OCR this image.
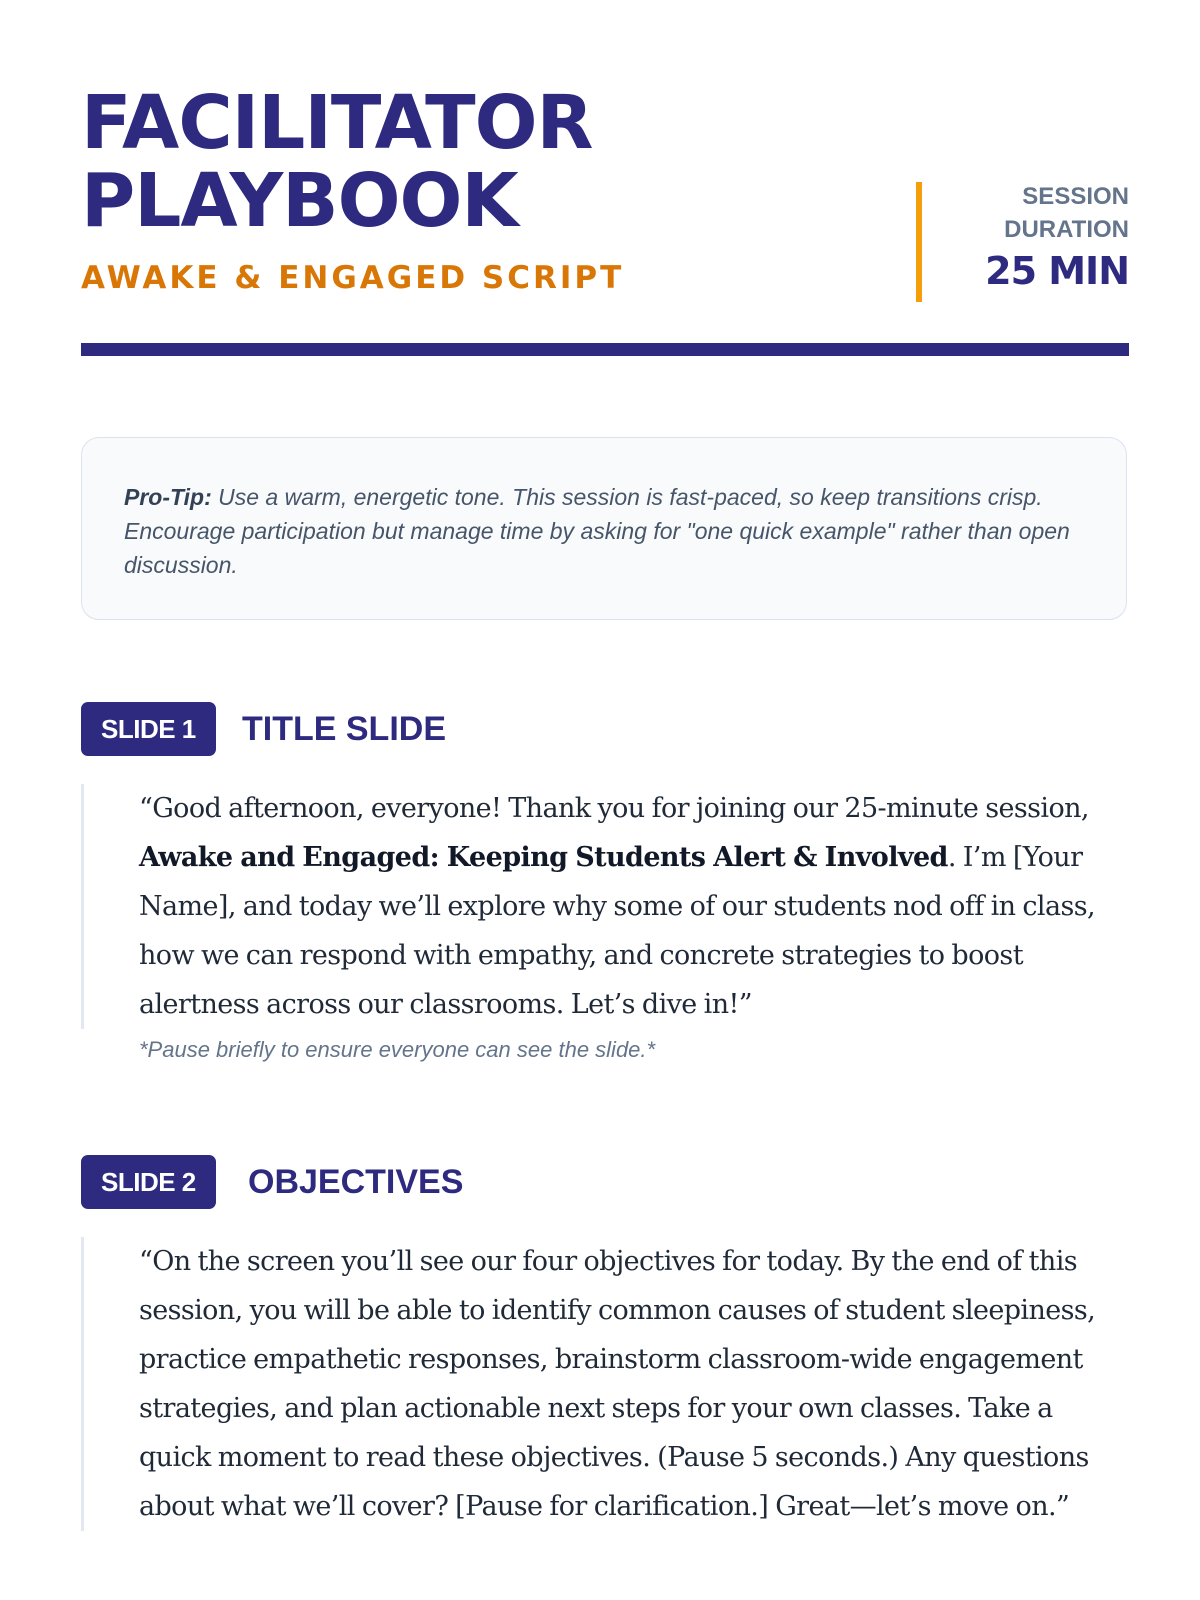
FACILITATOR
PLAYBOOK
AWAKE & ENGAGED SCRIPT
SESSION
DURATION
25 MIN

Pro-Tip: Use a warm, energetic tone. This session is fast-paced, so keep transitions crisp. Encourage participation but manage time by asking for "one quick example" rather than open discussion.

SLIDE 1	TITLE SLIDE

“Good afternoon, everyone! Thank you for joining our 25-minute session, Awake and Engaged: Keeping Students Alert & Involved. I’m [Your Name], and today we’ll explore why some of our students nod off in class, how we can respond with empathy, and concrete strategies to boost alertness across our classrooms. Let’s dive in!”

*Pause briefly to ensure everyone can see the slide.*
SLIDE 2	OBJECTIVES

“On the screen you’ll see our four objectives for today. By the end of this session, you will be able to identify common causes of student sleepiness, practice empathetic responses, brainstorm classroom-wide engagement strategies, and plan actionable next steps for your own classes. Take a quick moment to read these objectives. (Pause 5 seconds.) Any questions about what we’ll cover? [Pause for clarification.] Great—let’s move on.”
